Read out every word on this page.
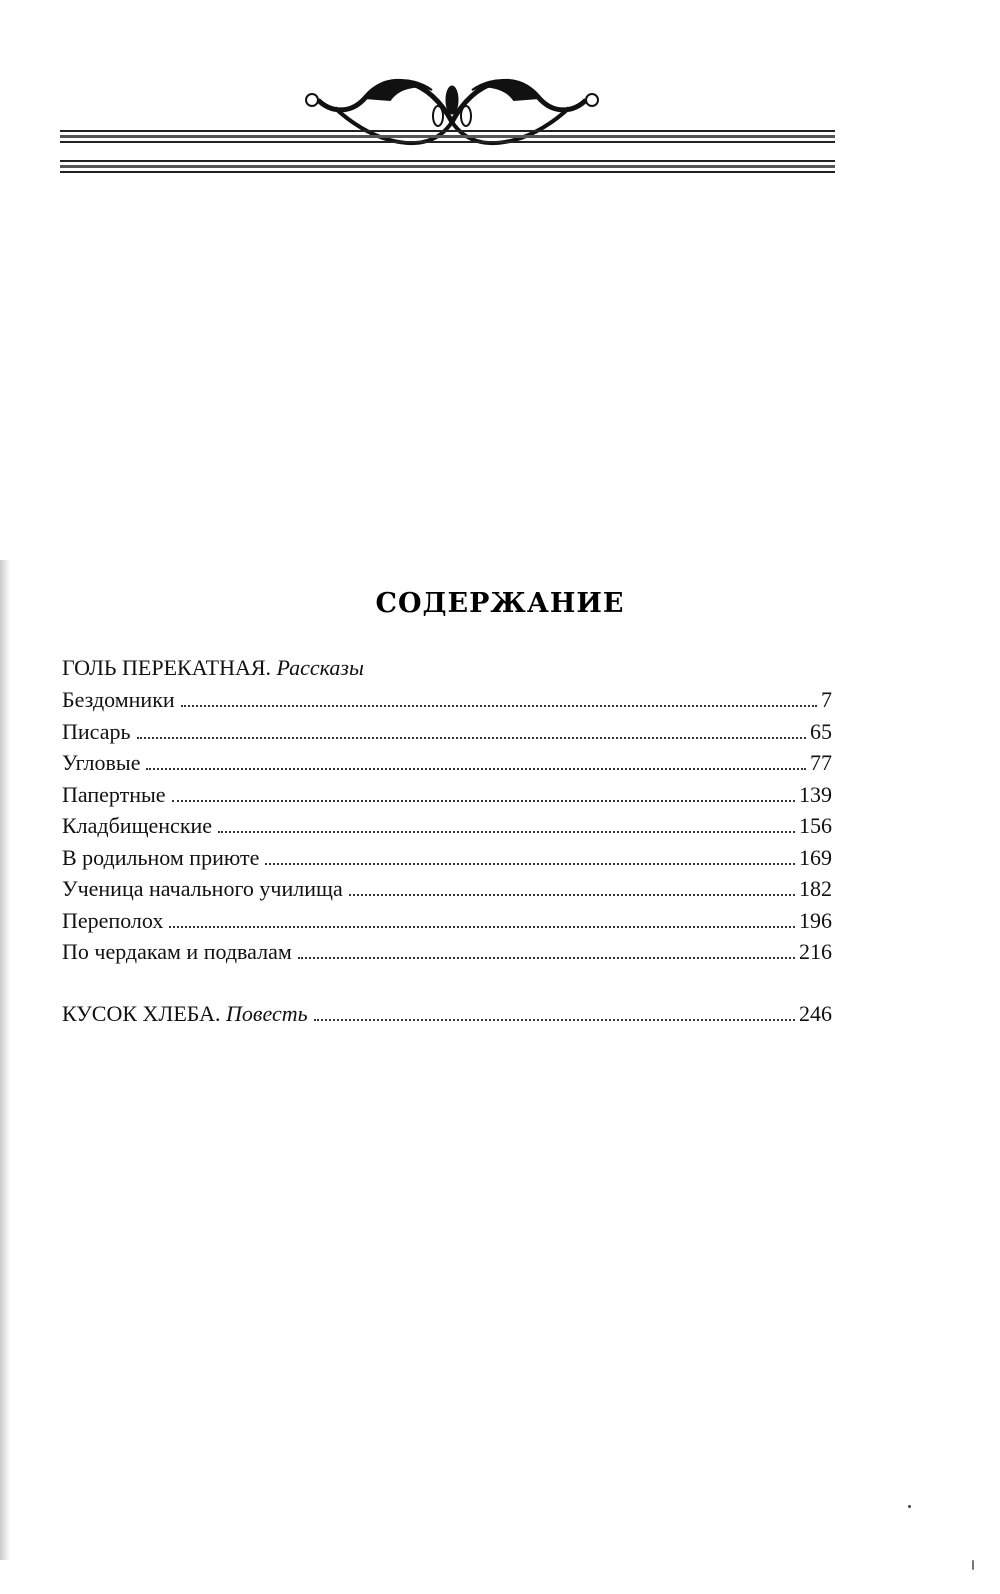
СОДЕРЖАНИЕ
ГОЛЬ ПЕРЕКАТНАЯ. Рассказы
Бездомники	7
Писарь	65
Угловые	77
Папертные	139
Кладбищенские	156
В родильном приюте	169
Ученица начального училища	182
Переполох	196
По чердакам и подвалам	216
КУСОК ХЛЕБА. Повесть	246
